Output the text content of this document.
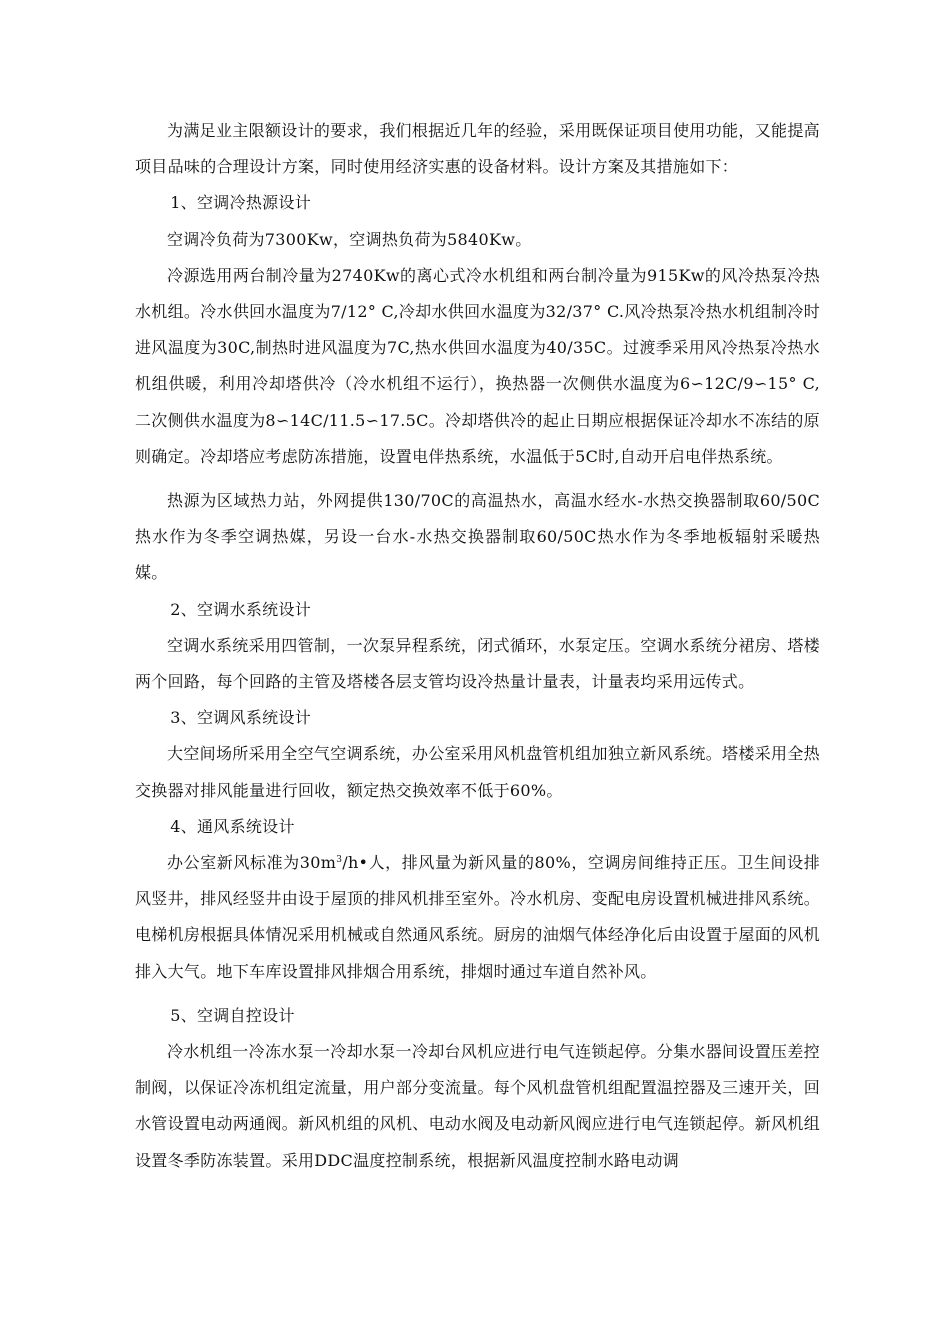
为满足业主限额设计的要求，我们根据近几年的经验，采用既保证项目使用功能，又能提高项目品味的合理设计方案，同时使用经济实惠的设备材料。设计方案及其措施如下：

1、空调冷热源设计

空调冷负荷为7300Kw，空调热负荷为5840Kw。

冷源选用两台制冷量为2740Kw的离心式冷水机组和两台制冷量为915Kw的风冷热泵冷热水机组。冷水供回水温度为7/12° C,冷却水供回水温度为32/37° C.风冷热泵冷热水机组制冷时进风温度为30C,制热时进风温度为7C,热水供回水温度为40/35C。过渡季采用风冷热泵冷热水机组供暖，利用冷却塔供冷（冷水机组不运行），换热器一次侧供水温度为6∽12C/9∽15° C,二次侧供水温度为8∽14C/11.5∽17.5C。冷却塔供冷的起止日期应根据保证冷却水不冻结的原则确定。冷却塔应考虑防冻措施，设置电伴热系统，水温低于5C时,自动开启电伴热系统。

热源为区域热力站，外网提供130/70C的高温热水，高温水经水-水热交换器制取60/50C热水作为冬季空调热媒，另设一台水-水热交换器制取60/50C热水作为冬季地板辐射采暖热媒。

2、空调水系统设计

空调水系统采用四管制，一次泵异程系统，闭式循环，水泵定压。空调水系统分裙房、塔楼两个回路，每个回路的主管及塔楼各层支管均设冷热量计量表，计量表均采用远传式。

3、空调风系统设计

大空间场所采用全空气空调系统，办公室采用风机盘管机组加独立新风系统。塔楼采用全热交换器对排风能量进行回收，额定热交换效率不低于60%。

4、通风系统设计

办公室新风标准为$30m^3/h•$人，排风量为新风量的80%，空调房间维持正压。卫生间设排风竖井，排风经竖井由设于屋顶的排风机排至室外。冷水机房、变配电房设置机械进排风系统。电梯机房根据具体情况采用机械或自然通风系统。厨房的油烟气体经净化后由设置于屋面的风机排入大气。地下车库设置排风排烟合用系统，排烟时通过车道自然补风。

5、空调自控设计

冷水机组一冷冻水泵一冷却水泵一冷却台风机应进行电气连锁起停。分集水器间设置压差控制阀，以保证冷冻机组定流量，用户部分变流量。每个风机盘管机组配置温控器及三速开关，回水管设置电动两通阀。新风机组的风机、电动水阀及电动新风阀应进行电气连锁起停。新风机组设置冬季防冻装置。采用DDC温度控制系统，根据新风温度控制水路电动调
